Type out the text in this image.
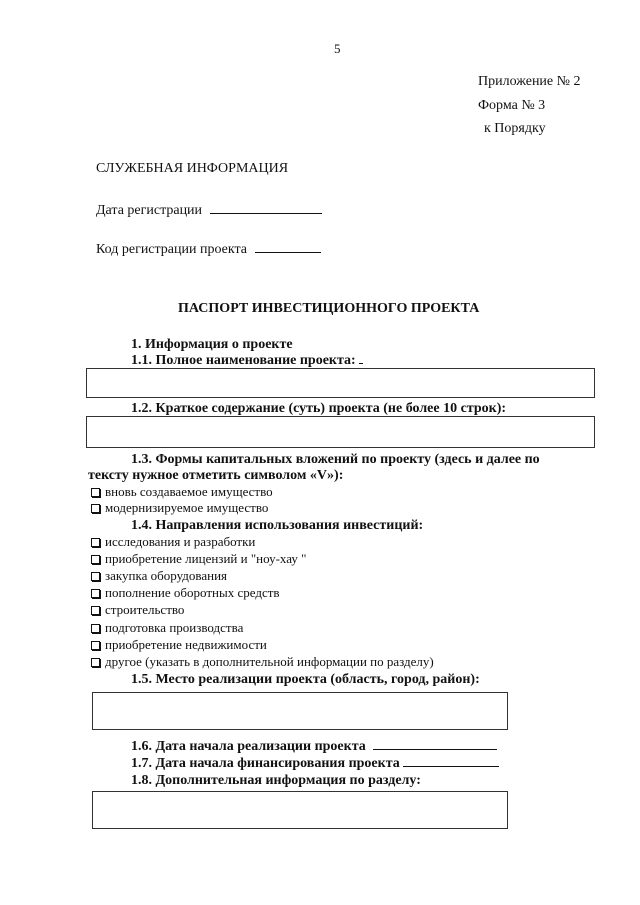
5
Приложение № 2
Форма № 3
к Порядку
СЛУЖЕБНАЯ ИНФОРМАЦИЯ
Дата регистрации
Код регистрации проекта
ПАСПОРТ ИНВЕСТИЦИОННОГО ПРОЕКТА
1. Информация о проекте
1.1. Полное наименование проекта:
1.2. Краткое содержание (суть) проекта (не более 10 строк):
1.3. Формы капитальных вложений по проекту (здесь и далее по
тексту нужное отметить символом «V»):
вновь создаваемое имущество
модернизируемое имущество
1.4. Направления использования инвестиций:
исследования и разработки
приобретение лицензий и "ноу-хау "
закупка оборудования
пополнение оборотных средств
строительство
подготовка производства
приобретение недвижимости
другое (указать в дополнительной информации по разделу)
1.5. Место реализации проекта (область, город, район):
1.6. Дата начала реализации проекта
1.7. Дата начала финансирования проекта
1.8. Дополнительная информация по разделу:
